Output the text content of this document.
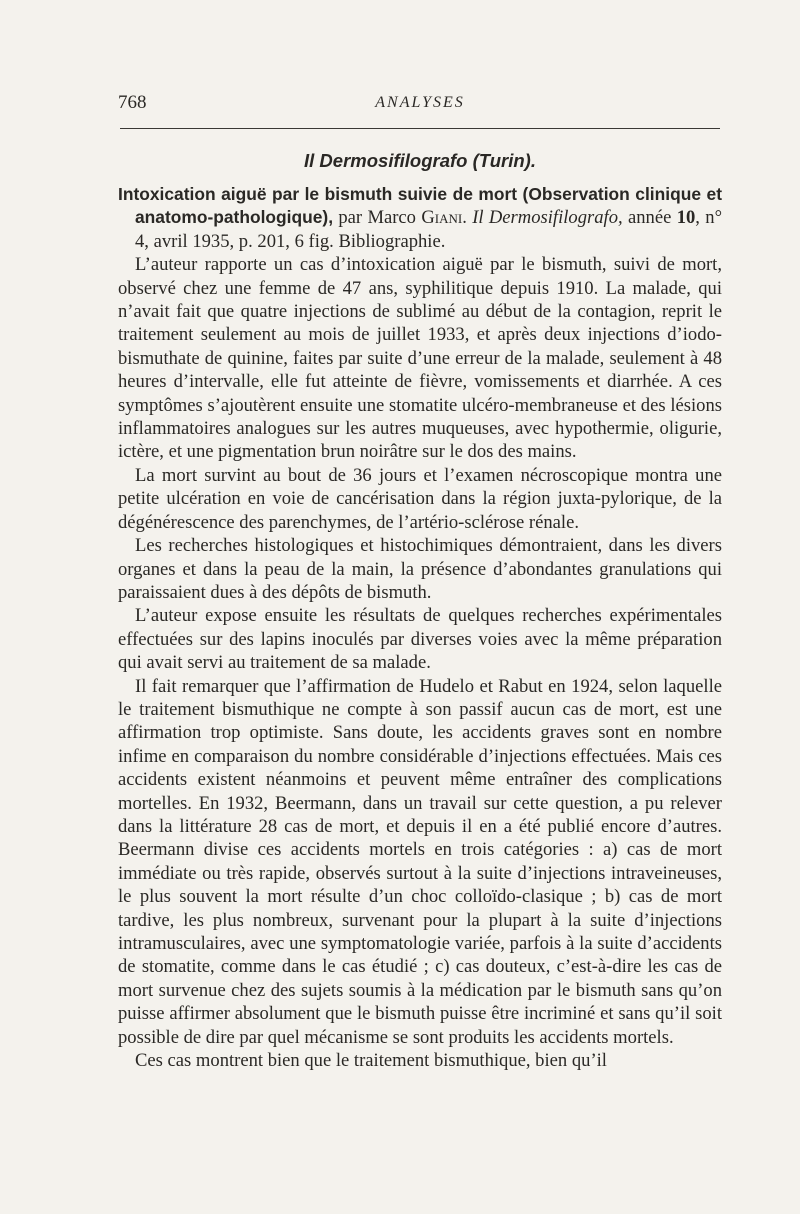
768	ANALYSES
Il Dermosifilografo (Turin).

Intoxication aiguë par le bismuth suivie de mort (Observation clinique et anatomo-pathologique), par Marco Giani. Il Dermosifilografo, année 10, n° 4, avril 1935, p. 201, 6 fig. Bibliographie.

L’auteur rapporte un cas d’intoxication aiguë par le bismuth, suivi de mort, observé chez une femme de 47 ans, syphilitique depuis 1910. La malade, qui n’avait fait que quatre injections de sublimé au début de la contagion, reprit le traitement seulement au mois de juillet 1933, et après deux injections d’iodo-bismuthate de quinine, faites par suite d’une erreur de la malade, seulement à 48 heures d’intervalle, elle fut atteinte de fièvre, vomissements et diarrhée. A ces symptômes s’ajoutèrent ensuite une stomatite ulcéro-membraneuse et des lésions inflammatoires analogues sur les autres muqueuses, avec hypothermie, oligurie, ictère, et une pigmentation brun noirâtre sur le dos des mains.

La mort survint au bout de 36 jours et l’examen nécroscopique montra une petite ulcération en voie de cancérisation dans la région juxta-pylorique, de la dégénérescence des parenchymes, de l’artério-sclérose rénale.

Les recherches histologiques et histochimiques démontraient, dans les divers organes et dans la peau de la main, la présence d’abondantes granulations qui paraissaient dues à des dépôts de bismuth.

L’auteur expose ensuite les résultats de quelques recherches expérimentales effectuées sur des lapins inoculés par diverses voies avec la même préparation qui avait servi au traitement de sa malade.

Il fait remarquer que l’affirmation de Hudelo et Rabut en 1924, selon laquelle le traitement bismuthique ne compte à son passif aucun cas de mort, est une affirmation trop optimiste. Sans doute, les accidents graves sont en nombre infime en comparaison du nombre considérable d’injections effectuées. Mais ces accidents existent néanmoins et peuvent même entraîner des complications mortelles. En 1932, Beermann, dans un travail sur cette question, a pu relever dans la littérature 28 cas de mort, et depuis il en a été publié encore d’autres. Beermann divise ces accidents mortels en trois catégories : a) cas de mort immédiate ou très rapide, observés surtout à la suite d’injections intraveineuses, le plus souvent la mort résulte d’un choc colloïdo-clasique ; b) cas de mort tardive, les plus nombreux, survenant pour la plupart à la suite d’injections intramusculaires, avec une symptomatologie variée, parfois à la suite d’accidents de stomatite, comme dans le cas étudié ; c) cas douteux, c’est-à-dire les cas de mort survenue chez des sujets soumis à la médication par le bismuth sans qu’on puisse affirmer absolument que le bismuth puisse être incriminé et sans qu’il soit possible de dire par quel mécanisme se sont produits les accidents mortels.

Ces cas montrent bien que le traitement bismuthique, bien qu’il
